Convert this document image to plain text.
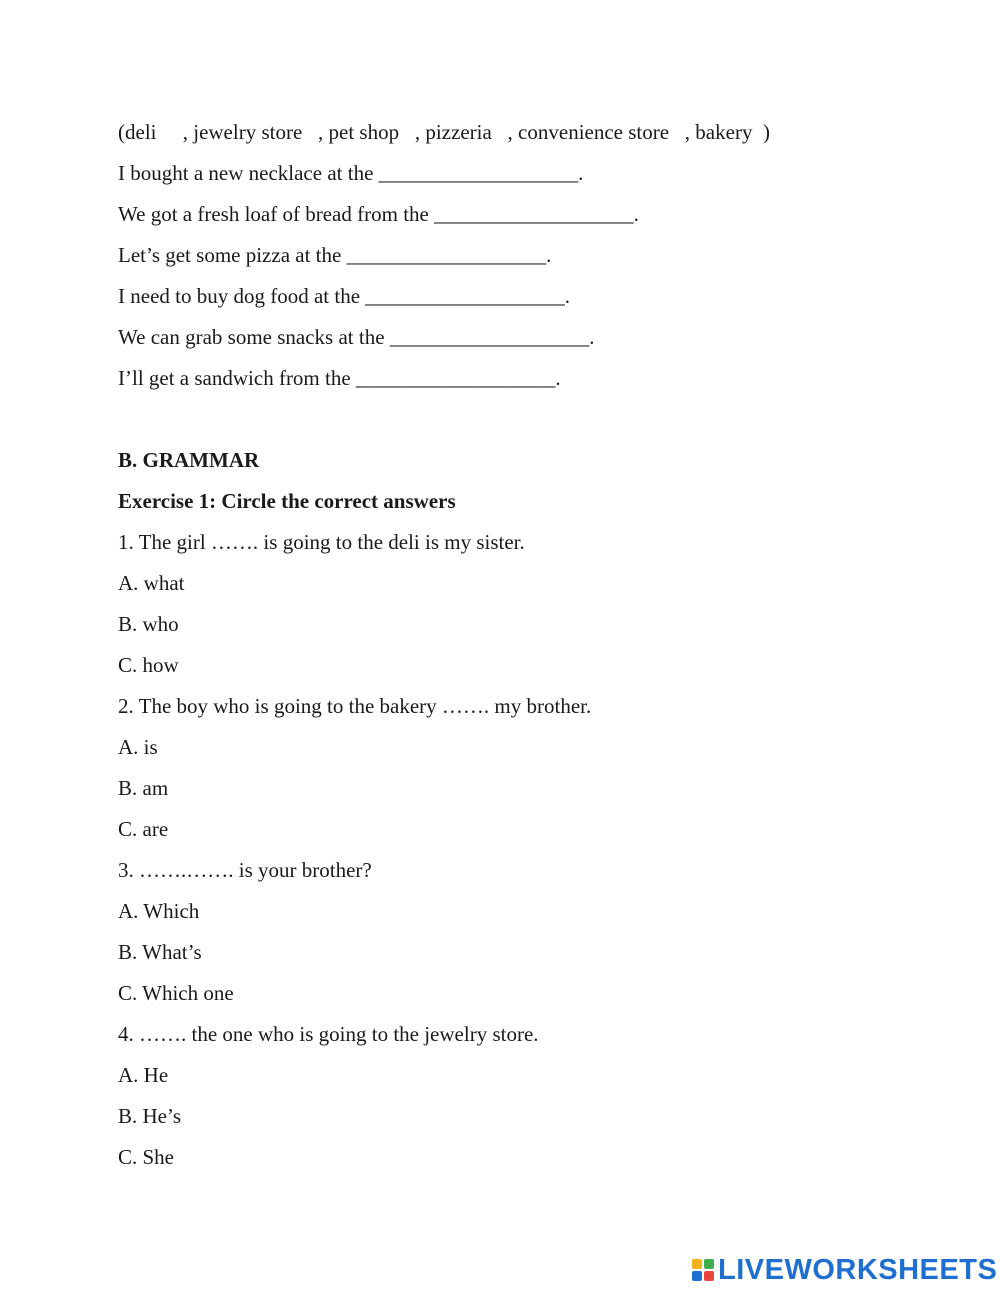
(deli     , jewelry store   , pet shop   , pizzeria   , convenience store   , bakery  )
I bought a new necklace at the ___________________.
We got a fresh loaf of bread from the ___________________.
Let’s get some pizza at the ___________________.
I need to buy dog food at the ___________________.
We can grab some snacks at the ___________________.
I’ll get a sandwich from the ___________________.
B. GRAMMAR
Exercise 1: Circle the correct answers
1. The girl ……. is going to the deli is my sister.
A. what
B. who
C. how
2. The boy who is going to the bakery ……. my brother.
A. is
B. am
C. are
3. …….……. is your brother?
A. Which
B. What’s
C. Which one
4. ……. the one who is going to the jewelry store.
A. He
B. He’s
C. She
LIVEWORKSHEETS
